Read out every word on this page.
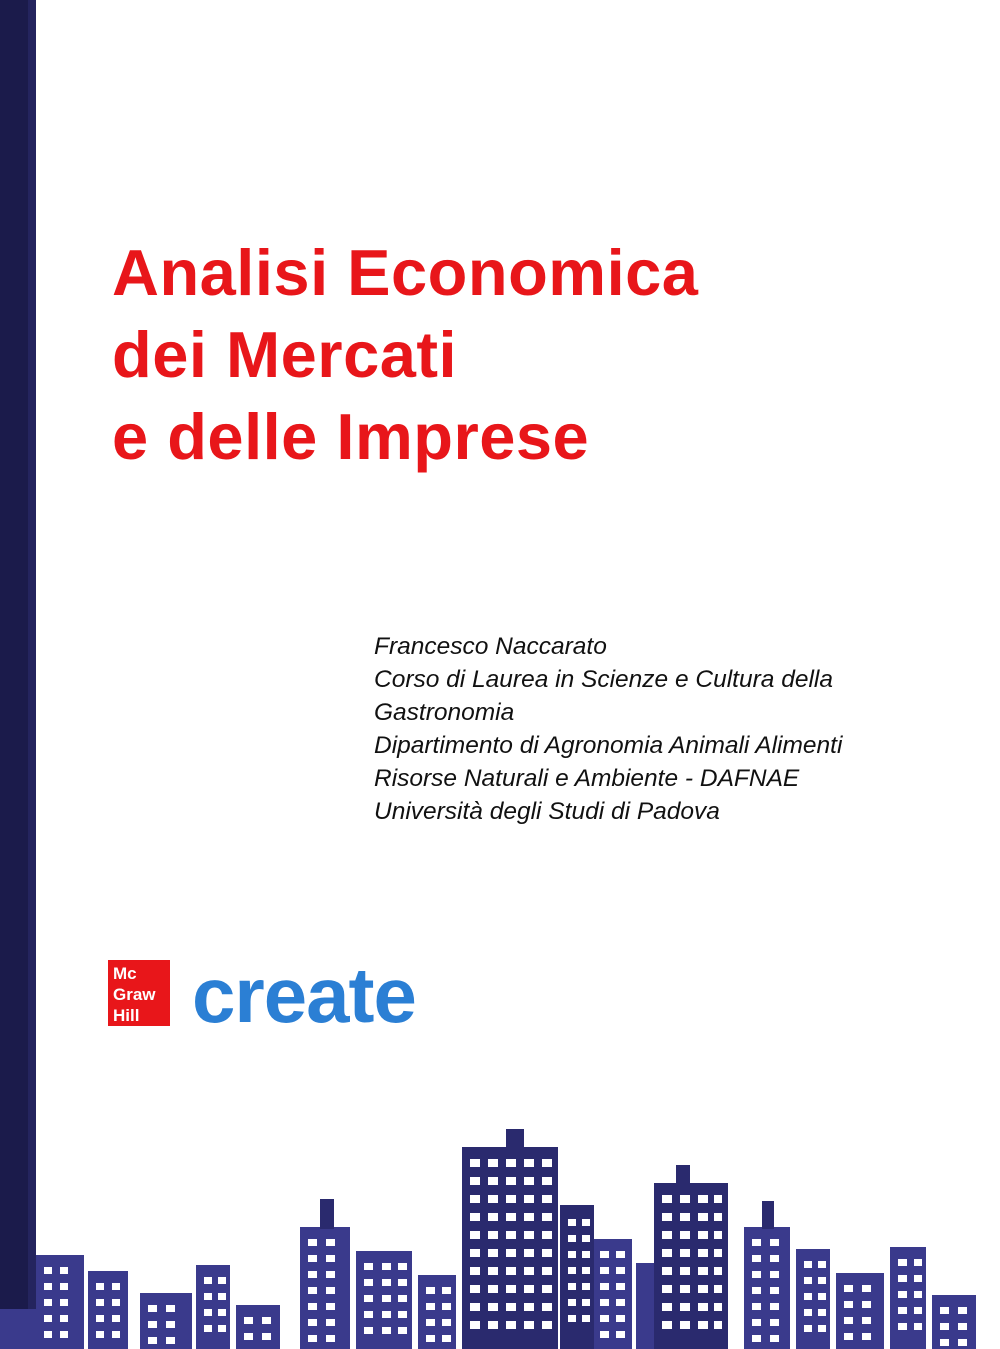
Analisi Economica
dei Mercati
e delle Imprese
Francesco Naccarato
Corso di Laurea in Scienze e Cultura della
Gastronomia
Dipartimento di Agronomia Animali Alimenti
Risorse Naturali e Ambiente - DAFNAE
Università degli Studi di Padova
Mc
Graw
Hill create
